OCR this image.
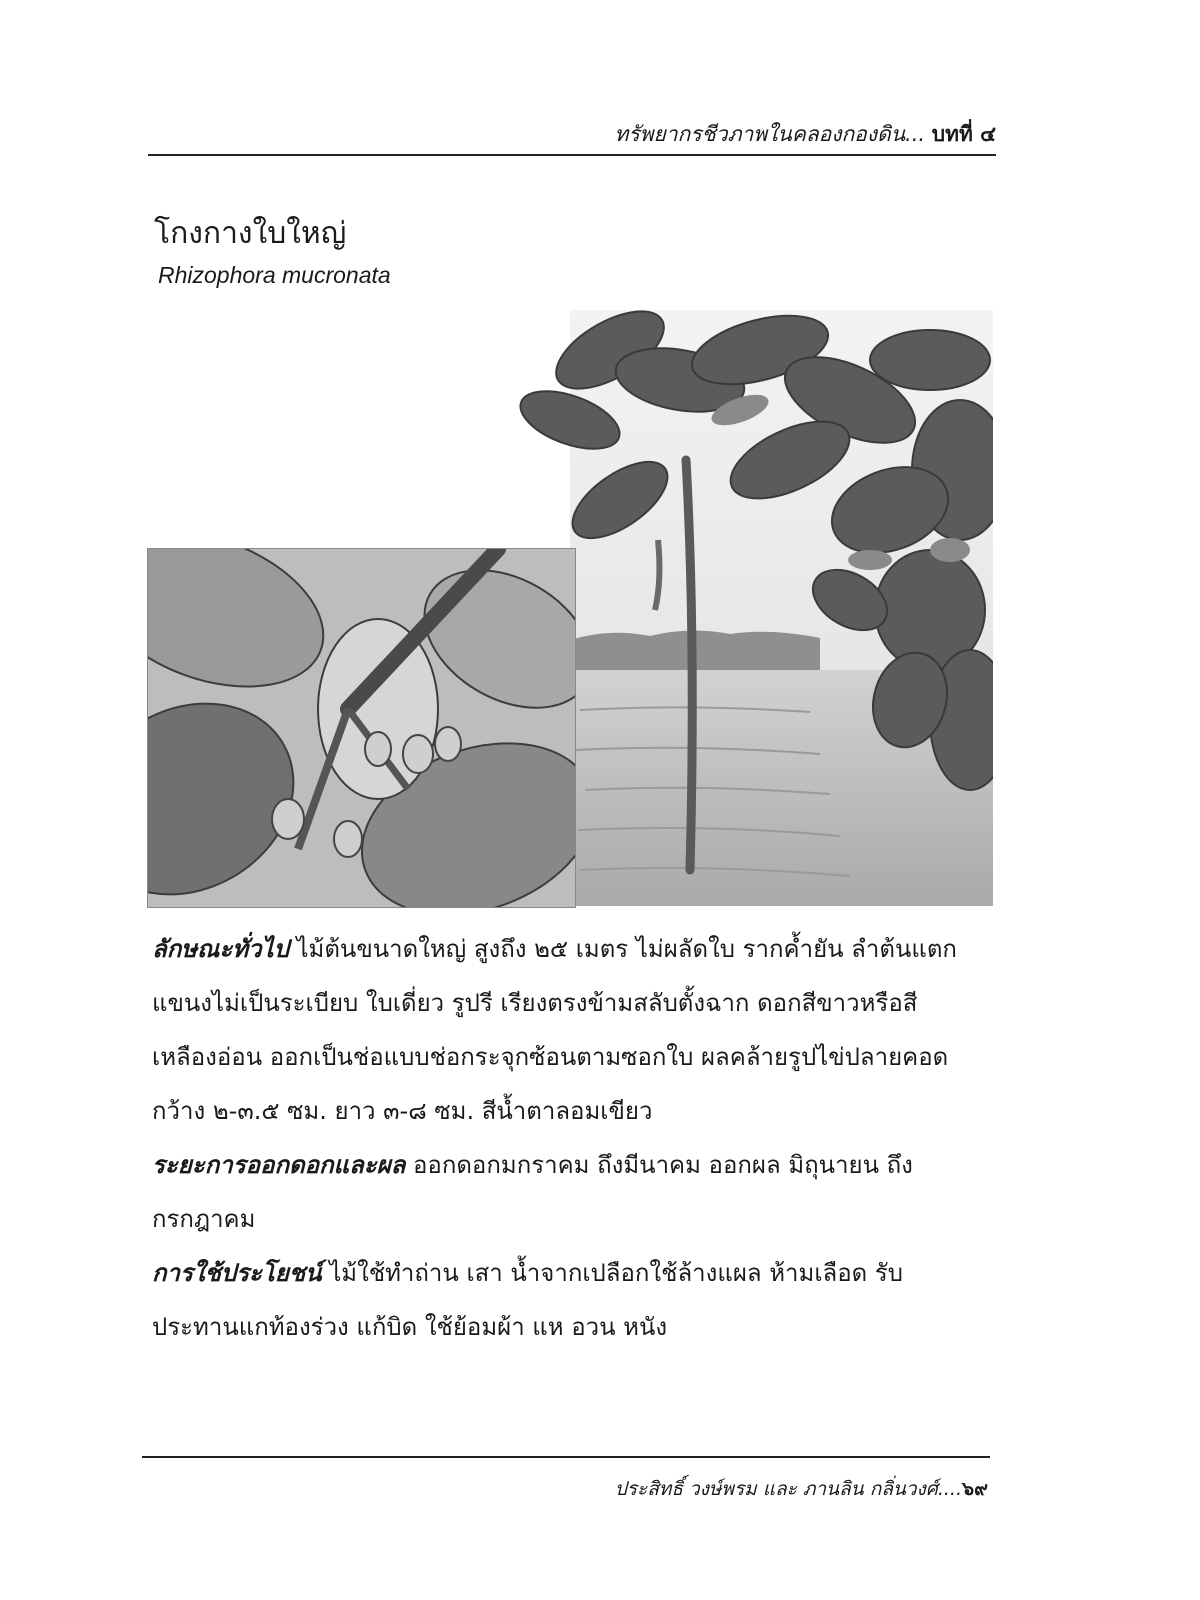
ทรัพยากรชีวภาพในคลองกองดิน... บทที่ ๔
โกงกางใบใหญ่
Rhizophora mucronata

ลักษณะทั่วไป ไม้ต้นขนาดใหญ่ สูงถึง ๒๕ เมตร ไม่ผลัดใบ รากค้ำยัน ลำต้นแตกแขนงไม่เป็นระเบียบ ใบเดี่ยว รูปรี เรียงตรงข้ามสลับตั้งฉาก ดอกสีขาวหรือสีเหลืองอ่อน ออกเป็นช่อแบบช่อกระจุกซ้อนตามซอกใบ ผลคล้ายรูปไข่ปลายคอด กว้าง ๒-๓.๕ ซม. ยาว ๓-๘ ซม. สีน้ำตาลอมเขียว

ระยะการออกดอกและผล ออกดอกมกราคม ถึงมีนาคม ออกผล มิถุนายน ถึงกรกฎาคม

การใช้ประโยชน์ ไม้ใช้ทำถ่าน เสา น้ำจากเปลือกใช้ล้างแผล ห้ามเลือด รับประทานแกท้องร่วง แก้บิด ใช้ย้อมผ้า แห อวน หนัง

ประสิทธิ์ วงษ์พรม และ ภานลิน กลิ่นวงศ์....๖๙
